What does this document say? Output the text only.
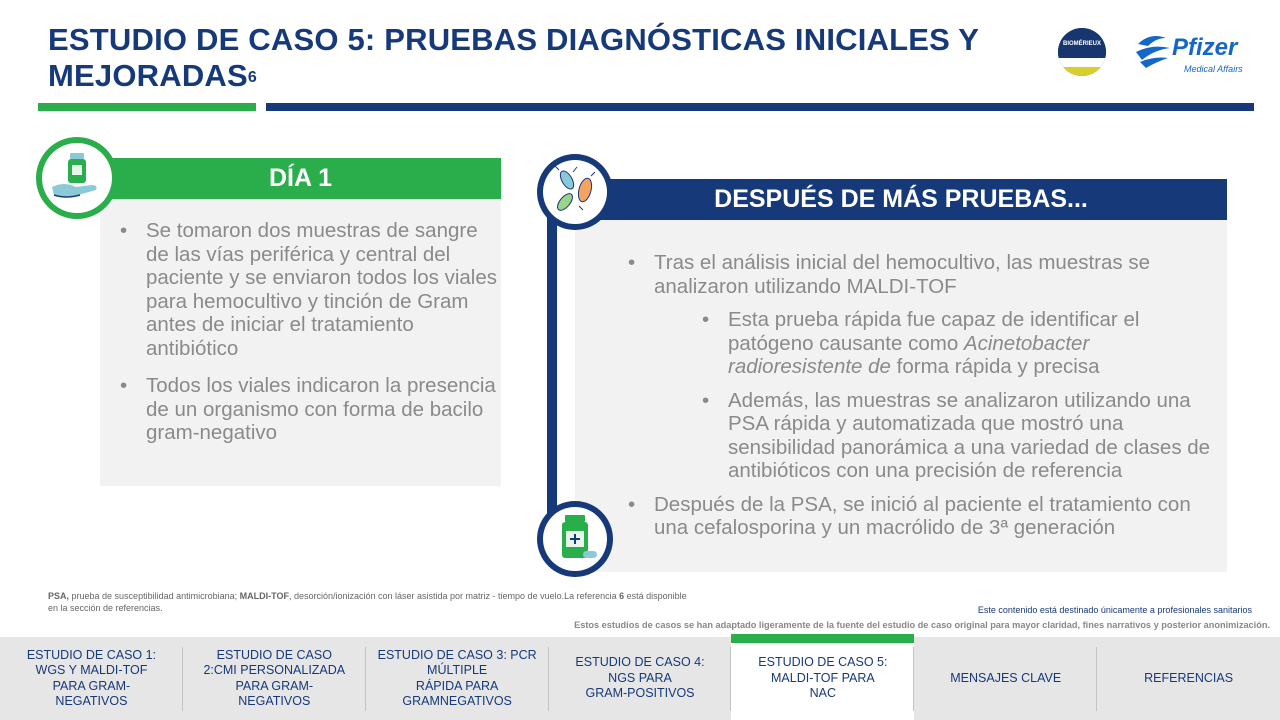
ESTUDIO DE CASO 5: PRUEBAS DIAGNÓSTICAS INICIALES Y
MEJORADAS$^6$
BIOMÉRIEUX	Pfizer
Medical Affairs
DÍA 1
• Se tomaron dos muestras de sangre de las vías periférica y central del paciente y se enviaron todos los viales para hemocultivo y tinción de Gram antes de iniciar el tratamiento antibiótico
• Todos los viales indicaron la presencia de un organismo con forma de bacilo gram-negativo
DESPUÉS DE MÁS PRUEBAS...
• Tras el análisis inicial del hemocultivo, las muestras se analizaron utilizando MALDI-TOF
• Esta prueba rápida fue capaz de identificar el patógeno causante como Acinetobacter radioresistente de forma rápida y precisa
• Además, las muestras se analizaron utilizando una PSA rápida y automatizada que mostró una sensibilidad panorámica a una variedad de clases de antibióticos con una precisión de referencia
• Después de la PSA, se inició al paciente el tratamiento con una cefalosporina y un macrólido de 3ª generación
PSA, prueba de susceptibilidad antimicrobiana; MALDI-TOF, desorción/ionización con láser asistida por matriz - tiempo de vuelo.La referencia 6 está disponible en la sección de referencias.	Este contenido está destinado únicamente a profesionales sanitarios
Estos estudios de casos se han adaptado ligeramente de la fuente del estudio de caso original para mayor claridad, fines narrativos y posterior anonimización.
ESTUDIO DE CASO 1:
WGS Y MALDI-TOF
PARA GRAM-
NEGATIVOS
ESTUDIO DE CASO
2:CMI PERSONALIZADA
PARA GRAM-
NEGATIVOS
ESTUDIO DE CASO 3: PCR
MÚLTIPLE
RÁPIDA PARA
GRAMNEGATIVOS
ESTUDIO DE CASO 4:
NGS PARA
GRAM-POSITIVOS
ESTUDIO DE CASO 5:
MALDI-TOF PARA
NAC
MENSAJES CLAVE	REFERENCIAS
